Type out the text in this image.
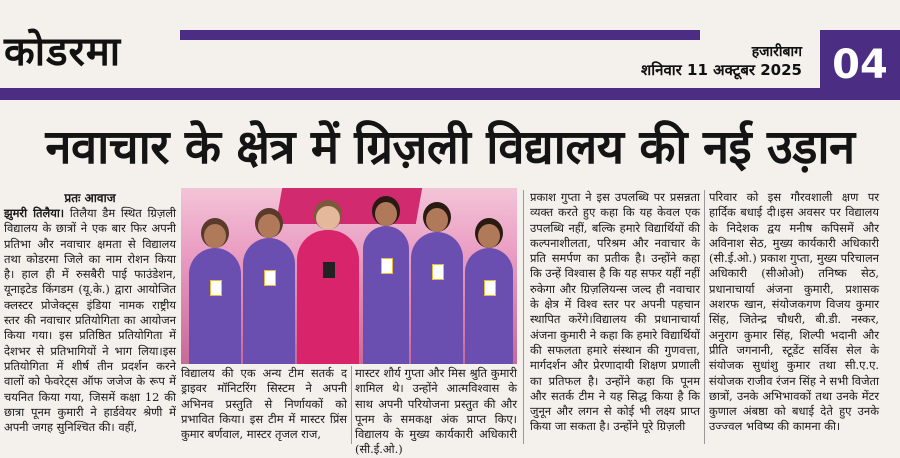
कोडरमा	हजारीबाग
शनिवार 11 अक्टूबर 2025 04
नवाचार के क्षेत्र में ग्रिज़ली विद्यालय की नई उड़ान
प्रतः आवाज

झुमरी तिलैया। तिलैया डैम स्थित ग्रिज़ली विद्यालय के छात्रों ने एक बार फिर अपनी प्रतिभा और नवाचार क्षमता से विद्यालय तथा कोडरमा जिले का नाम रोशन किया है। हाल ही में रुसबैरी पाई फाउंडेशन, यूनाइटेड किंगडम (यू.के.) द्वारा आयोजित क्लस्टर प्रोजेक्ट्स इंडिया नामक राष्ट्रीय स्तर की नवाचार प्रतियोगिता का आयोजन किया गया। इस प्रतिष्ठित प्रतियोगिता में देशभर से प्रतिभागियों ने भाग लिया।इस प्रतियोगिता में शीर्ष तीन प्रदर्शन करने वालों को फेवरेट्स ऑफ जजेज के रूप में चयनित किया गया, जिसमें कक्षा 12 की छात्रा पूनम कुमारी ने हार्डवेयर श्रेणी में अपनी जगह सुनिश्चित की। वहीं,

विद्यालय की एक अन्य टीम सतर्क द ड्राइवर मॉनिटरिंग सिस्टम ने अपनी अभिनव प्रस्तुति से निर्णायकों को प्रभावित किया। इस टीम में मास्टर प्रिंस कुमार बर्णवाल, मास्टर तृजल राज,

मास्टर शौर्य गुप्ता और मिस श्रुति कुमारी शामिल थे। उन्होंने आत्मविश्वास के साथ अपनी परियोजना प्रस्तुत की और पूनम के समकक्ष अंक प्राप्त किए।विद्यालय के मुख्य कार्यकारी अधिकारी (सी.ई.ओ.)

प्रकाश गुप्ता ने इस उपलब्धि पर प्रसन्नता व्यक्त करते हुए कहा कि यह केवल एक उपलब्धि नहीं, बल्कि हमारे विद्यार्थियों की कल्पनाशीलता, परिश्रम और नवाचार के प्रति समर्पण का प्रतीक है। उन्होंने कहा कि उन्हें विश्वास है कि यह सफर यहीं नहीं रुकेगा और ग्रिज़लियन्स जल्द ही नवाचार के क्षेत्र में विश्व स्तर पर अपनी पहचान स्थापित करेंगे।विद्यालय की प्रधानाचार्या अंजना कुमारी ने कहा कि हमारे विद्यार्थियों की सफलता हमारे संस्थान की गुणवत्ता, मार्गदर्शन और प्रेरणादायी शिक्षण प्रणाली का प्रतिफल है। उन्होंने कहा कि पूनम और सतर्क टीम ने यह सिद्ध किया है कि जुनून और लगन से कोई भी लक्ष्य प्राप्त किया जा सकता है। उन्होंने पूरे ग्रिज़ली

परिवार को इस गौरवशाली क्षण पर हार्दिक बधाई दी।इस अवसर पर विद्यालय के निदेशक द्वय मनीष कपिसमें और अविनाश सेठ, मुख्य कार्यकारी अधिकारी (सी.ई.ओ.) प्रकाश गुप्ता, मुख्य परिचालन अधिकारी (सीओओ) तनिष्क सेठ, प्रधानाचार्या अंजना कुमारी, प्रशासक अशरफ खान, संयोजकगण विजय कुमार सिंह, जितेन्द्र चौधरी, बी.डी. नस्कर, अनुराग कुमार सिंह, शिल्पी भदानी और प्रीति जगनानी, स्टूडेंट सर्विस सेल के संयोजक सुधांशु कुमार तथा सी.ए.ए. संयोजक राजीव रंजन सिंह ने सभी विजेता छात्रों, उनके अभिभावकों तथा उनके मेंटर कुणाल अंबष्ठा को बधाई देते हुए उनके उज्ज्वल भविष्य की कामना की।
